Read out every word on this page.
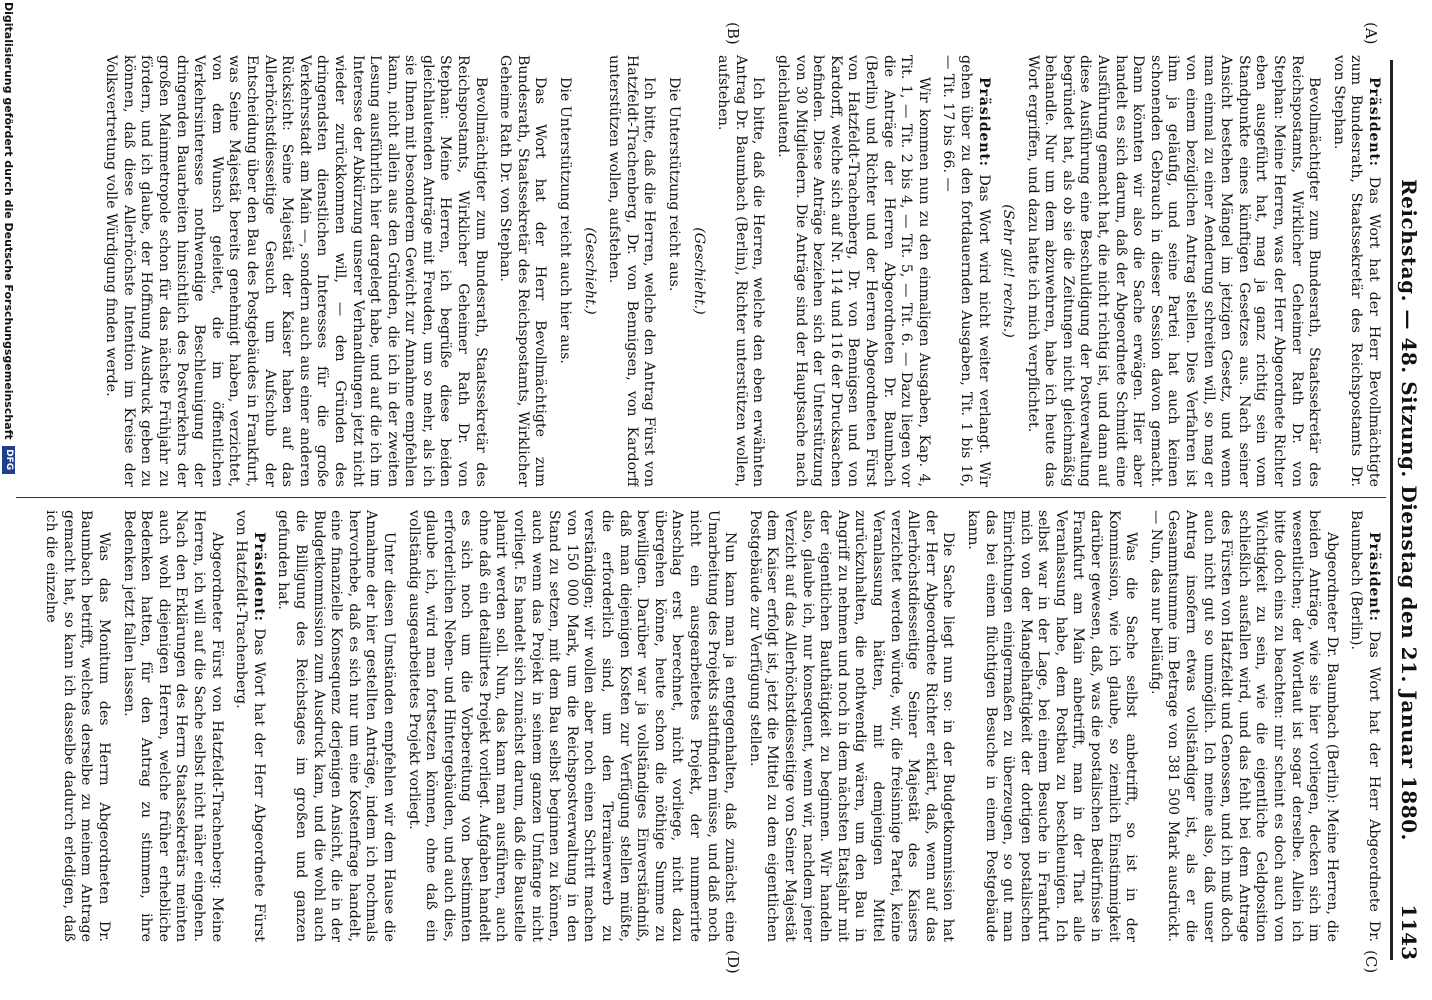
Reichstag. — 48. Sitzung. Dienstag den 21. Januar 1880.
1143
(A)
(B)
(C)
(D)

Präsident: Das Wort hat der Herr Bevollmächtigte zum Bundesrath, Staatssekretär des Reichspostamts Dr. von Stephan.

Bevollmächtigter zum Bundesrath, Staatssekretär des Reichspostamts, Wirklicher Geheimer Rath Dr. von Stephan: Meine Herren, was der Herr Abgeordnete Richter eben ausgeführt hat, mag ja ganz richtig sein vom Standpunkte eines künftigen Gesetzes aus. Nach seiner Ansicht bestehen Mängel im jetzigen Gesetz, und wenn man einmal zu einer Aenderung schreiten will, so mag er von einem bezüglichen Antrag stellen. Dies Verfahren ist ihm ja geläufig, und seine Partei hat auch keinen schonenden Gebrauch in dieser Session davon gemacht. Dann könnten wir also die Sache erwägen. Hier aber handelt es sich darum, daß der Abgeordnete Schmidt eine Ausführung gemacht hat, die nicht richtig ist, und dann auf diese Ausführung eine Beschuldigung der Postverwaltung begründet hat, als ob sie die Zeitungen nicht gleichmäßig behandle. Nur um dem abzuwehren, habe ich heute das Wort ergriffen, und dazu hatte ich mich verpflichtet.

(Sehr gut! rechts.)

Präsident: Das Wort wird nicht weiter verlangt. Wir gehen über zu den fortdauernden Ausgaben, Tit. 1 bis 16, — Tit. 17 bis 66. —

Wir kommen nun zu den einmaligen Ausgaben, Kap. 4, Tit. 1, — Tit. 2 bis 4, — Tit. 5, — Tit. 6. — Dazu liegen vor die Anträge der Herren Abgeordneten Dr. Baumbach (Berlin) und Richter und der Herren Abgeordneten Fürst von Hatzfeldt-Trachenberg, Dr. von Bennigsen und von Kardorff, welche sich auf Nr. 114 und 116 der Drucksachen befinden. Diese Anträge beziehen sich der Unterstützung von 30 Mitgliedern. Die Anträge sind der Hauptsache nach gleichlautend.

Ich bitte, daß die Herren, welche den eben erwähnten Antrag Dr. Baumbach (Berlin), Richter unterstützen wollen, aufstehen.

(Geschieht.)

Die Unterstützung reicht aus.

Ich bitte, daß die Herren, welche den Antrag Fürst von Hatzfeldt-Trachenberg, Dr. von Bennigsen, von Kardorff unterstützen wollen, aufstehen.

(Geschieht.)

Die Unterstützung reicht auch hier aus.

Das Wort hat der Herr Bevollmächtigte zum Bundesrath, Staatssekretär des Reichspostamts, Wirklicher Geheime Rath Dr. von Stephan.

Bevollmächtigter zum Bundesrath, Staatssekretär des Reichspostamts, Wirklicher Geheimer Rath Dr. von Stephan: Meine Herren, ich begrüße diese beiden gleichlautenden Anträge mit Freuden, um so mehr, als ich sie Ihnen mit besonderem Gewicht zur Annahme empfehlen kann, nicht allein aus den Gründen, die ich in der zweiten Lesung ausführlich hier dargelegt habe, und auf die ich im Interesse der Abkürzung unserer Verhandlungen jetzt nicht wieder zurückkommen will, — den Gründen des dringendsten dienstlichen Interesses für die große Verkehrsstadt am Main —, sondern auch aus einer anderen Rücksicht: Seine Majestät der Kaiser haben auf das Allerhöchstdiesseitige Gesuch um Aufschub der Entscheidung über den Bau des Postgebäudes in Frankfurt, was Seine Majestät bereits genehmigt haben, verzichtet, von dem Wunsch geleitet, die im öffentlichen Verkehrsinteresse nothwendige Beschleunigung der dringenden Bauarbeiten hinsichtlich des Postverkehrs der großen Mainmetropole schon für das nächste Frühjahr zu fördern, und ich glaube, der Hoffnung Ausdruck geben zu können, daß diese Allerhöchste Intention im Kreise der Volksvertretung volle Würdigung finden werde.

Präsident: Das Wort hat der Herr Abgeordnete Dr. Baumbach (Berlin).

Abgeordneter Dr. Baumbach (Berlin): Meine Herren, die beiden Anträge, wie sie hier vorliegen, decken sich im wesentlichen; der Wortlaut ist sogar derselbe. Allein ich bitte doch eins zu beachten: mir scheint es doch auch von Wichtigkeit zu sein, wie die eigentliche Geldposition schließlich ausfallen wird, und das fehlt bei dem Antrage des Fürsten von Hatzfeldt und Genossen, und ich muß doch auch nicht gut so unmöglich. Ich meine also, daß unser Antrag insofern etwas vollständiger ist, als er die Gesammtsumme im Betrage von 381 500 Mark ausdrückt. — Nun, das nur beiläufig.

Was die Sache selbst anbetrifft, so ist in der Kommission, wie ich glaube, so ziemlich Einstimmigkeit darüber gewesen, daß, was die postalischen Bedürfnisse in Frankfurt am Main anbetrifft, man in der That alle Veranlassung habe, dem Postbau zu beschleunigen. Ich selbst war in der Lage, bei einem Besuche in Frankfurt mich von der Mangelhaftigkeit der dortigen postalischen Einrichtungen einigermaßen zu überzeugen, so gut man das bei einem flüchtigen Besuche in einem Postgebäude kann.

Die Sache liegt nun so: in der Budgetkommission hat der Herr Abgeordnete Richter erklärt, daß, wenn auf das Allerhöchstdiesseitige Seiner Majestät des Kaisers verzichtet werden würde, wir, die freisinnige Partei, keine Veranlassung hätten, mit demjenigen Mittel zurückzuhalten, die nothwendig wären, um den Bau in Angriff zu nehmen und noch in dem nächsten Etatsjahr mit der eigentlichen Bauthätigkeit zu beginnen. Wir handeln also, glaube ich, nur konsequent, wenn wir, nachdem jener Verzicht auf das Allerhöchstdiesseitige von Seiner Majestät dem Kaiser erfolgt ist, jetzt die Mittel zu dem eigentlichen Postgebäude zur Verfügung stellen.

Nun kann man ja entgegenhalten, daß zunächst eine Umarbeitung des Projekts stattfinden müsse, und daß noch nicht ein ausgearbeitetes Projekt, der nummerirte Anschlag erst berechnet, nicht vorliege, nicht dazu übergehen könne, heute schon die nöthige Summe zu bewilligen. Darüber war ja vollständiges Einverständniß, daß man diejenigen Kosten zur Verfügung stellen müßte, die erforderlich sind, um den Terrainerwerb zu verständigen; wir wollen aber noch einen Schritt machen von 150 000 Mark, um die Reichspostverwaltung in den Stand zu setzen, mit dem Bau selbst beginnen zu können, auch wenn das Projekt in seinem ganzen Umfange nicht vorliegt. Es handelt sich zunächst darum, daß die Baustelle planirt werden soll. Nun, das kann man ausführen, auch ohne daß ein detaillirtes Projekt vorliegt. Aufgaben handelt es sich noch um die Vorbereitung von bestimmten erforderlichen Neben- und Hintergebäuden, und auch dies, glaube ich, wird man fortsetzen können, ohne daß ein vollständig ausgearbeitetes Projekt vorliegt.

Unter diesen Umständen empfehlen wir dem Hause die Annahme der hier gestellten Anträge, indem ich nochmals hervorhebe, daß es sich nur um eine Kostenfrage handelt, eine finanzielle Konsequenz derjenigen Ansicht, die in der Budgetkommission zum Ausdruck kam, und die wohl auch die Billigung des Reichstages im großen und ganzen gefunden hat.

Präsident: Das Wort hat der Herr Abgeordnete Fürst von Hatzfeldt-Trachenberg.

Abgeordneter Fürst von Hatzfeldt-Trachenberg: Meine Herren, ich will auf die Sache selbst nicht näher eingehen. Nach den Erklärungen des Herrn Staatssekretärs meinten auch wohl diejenigen Herren, welche früher erhebliche Bedenken hatten, für den Antrag zu stimmen, ihre Bedenken jetzt fallen lassen.

Was das Monitum des Herrn Abgeordneten Dr. Baumbach betrifft, welches derselbe zu meinem Antrage gemacht hat, so kann ich dasselbe dadurch erledigen, daß ich die einzelne

Digitalisierung gefördert durch die Deutsche Forschungsgemeinschaft
DFG
